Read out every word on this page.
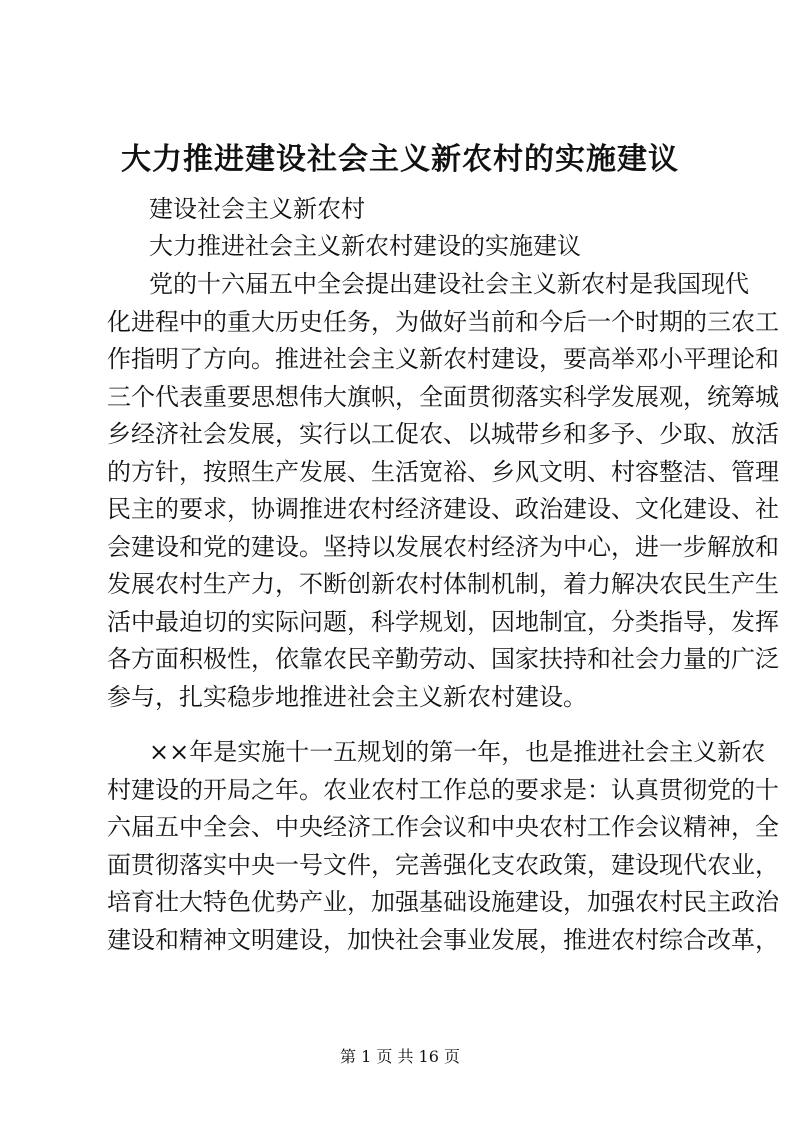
大力推进建设社会主义新农村的实施建议

建设社会主义新农村

大力推进社会主义新农村建设的实施建议

党的十六届五中全会提出建设社会主义新农村是我国现代

化进程中的重大历史任务，为做好当前和今后一个时期的三农工

作指明了方向。推进社会主义新农村建设，要高举邓小平理论和

三个代表重要思想伟大旗帜，全面贯彻落实科学发展观，统筹城

乡经济社会发展，实行以工促农、以城带乡和多予、少取、放活

的方针，按照生产发展、生活宽裕、乡风文明、村容整洁、管理

民主的要求，协调推进农村经济建设、政治建设、文化建设、社

会建设和党的建设。坚持以发展农村经济为中心，进一步解放和

发展农村生产力，不断创新农村体制机制，着力解决农民生产生

活中最迫切的实际问题，科学规划，因地制宜，分类指导，发挥

各方面积极性，依靠农民辛勤劳动、国家扶持和社会力量的广泛

参与，扎实稳步地推进社会主义新农村建设。

××年是实施十一五规划的第一年，也是推进社会主义新农

村建设的开局之年。农业农村工作总的要求是：认真贯彻党的十

六届五中全会、中央经济工作会议和中央农村工作会议精神，全

面贯彻落实中央一号文件，完善强化支农政策，建设现代农业，

培育壮大特色优势产业，加强基础设施建设，加强农村民主政治

建设和精神文明建设，加快社会事业发展，推进农村综合改革，

第 1 页 共 16 页
